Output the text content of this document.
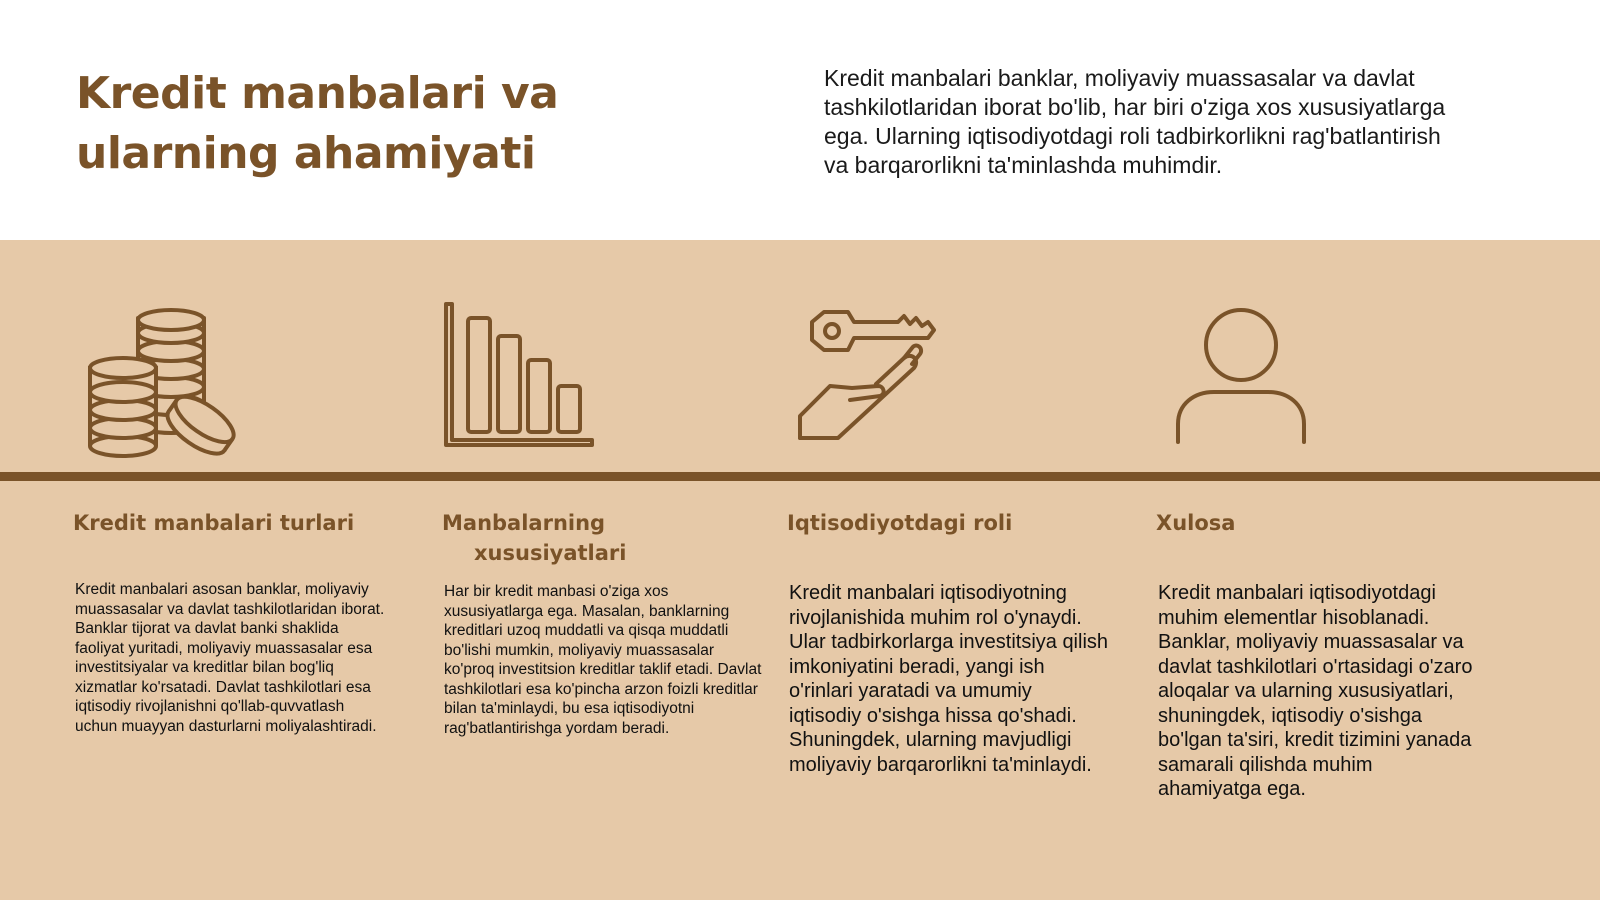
Kredit manbalari va ularning ahamiyati

Kredit manbalari banklar, moliyaviy muassasalar va davlat tashkilotlaridan iborat bo'lib, har biri o'ziga xos xususiyatlarga ega. Ularning iqtisodiyotdagi roli tadbirkorlikni rag'batlantirish va barqarorlikni ta'minlashda muhimdir.

Kredit manbalari turlari

Kredit manbalari asosan banklar, moliyaviy muassasalar va davlat tashkilotlaridan iborat. Banklar tijorat va davlat banki shaklida faoliyat yuritadi, moliyaviy muassasalar esa investitsiyalar va kreditlar bilan bog'liq xizmatlar ko'rsatadi. Davlat tashkilotlari esa iqtisodiy rivojlanishni qo'llab-quvvatlash uchun muayyan dasturlarni moliyalashtiradi.

Manbalarning
xususiyatlari

Har bir kredit manbasi o'ziga xos xususiyatlarga ega. Masalan, banklarning kreditlari uzoq muddatli va qisqa muddatli bo'lishi mumkin, moliyaviy muassasalar ko'proq investitsion kreditlar taklif etadi. Davlat tashkilotlari esa ko'pincha arzon foizli kreditlar bilan ta'minlaydi, bu esa iqtisodiyotni rag'batlantirishga yordam beradi.

Iqtisodiyotdagi roli

Kredit manbalari iqtisodiyotning rivojlanishida muhim rol o'ynaydi. Ular tadbirkorlarga investitsiya qilish imkoniyatini beradi, yangi ish o'rinlari yaratadi va umumiy iqtisodiy o'sishga hissa qo'shadi. Shuningdek, ularning mavjudligi moliyaviy barqarorlikni ta'minlaydi.

Xulosa

Kredit manbalari iqtisodiyotdagi muhim elementlar hisoblanadi. Banklar, moliyaviy muassasalar va davlat tashkilotlari o'rtasidagi o'zaro aloqalar va ularning xususiyatlari, shuningdek, iqtisodiy o'sishga bo'lgan ta'siri, kredit tizimini yanada samarali qilishda muhim ahamiyatga ega.
